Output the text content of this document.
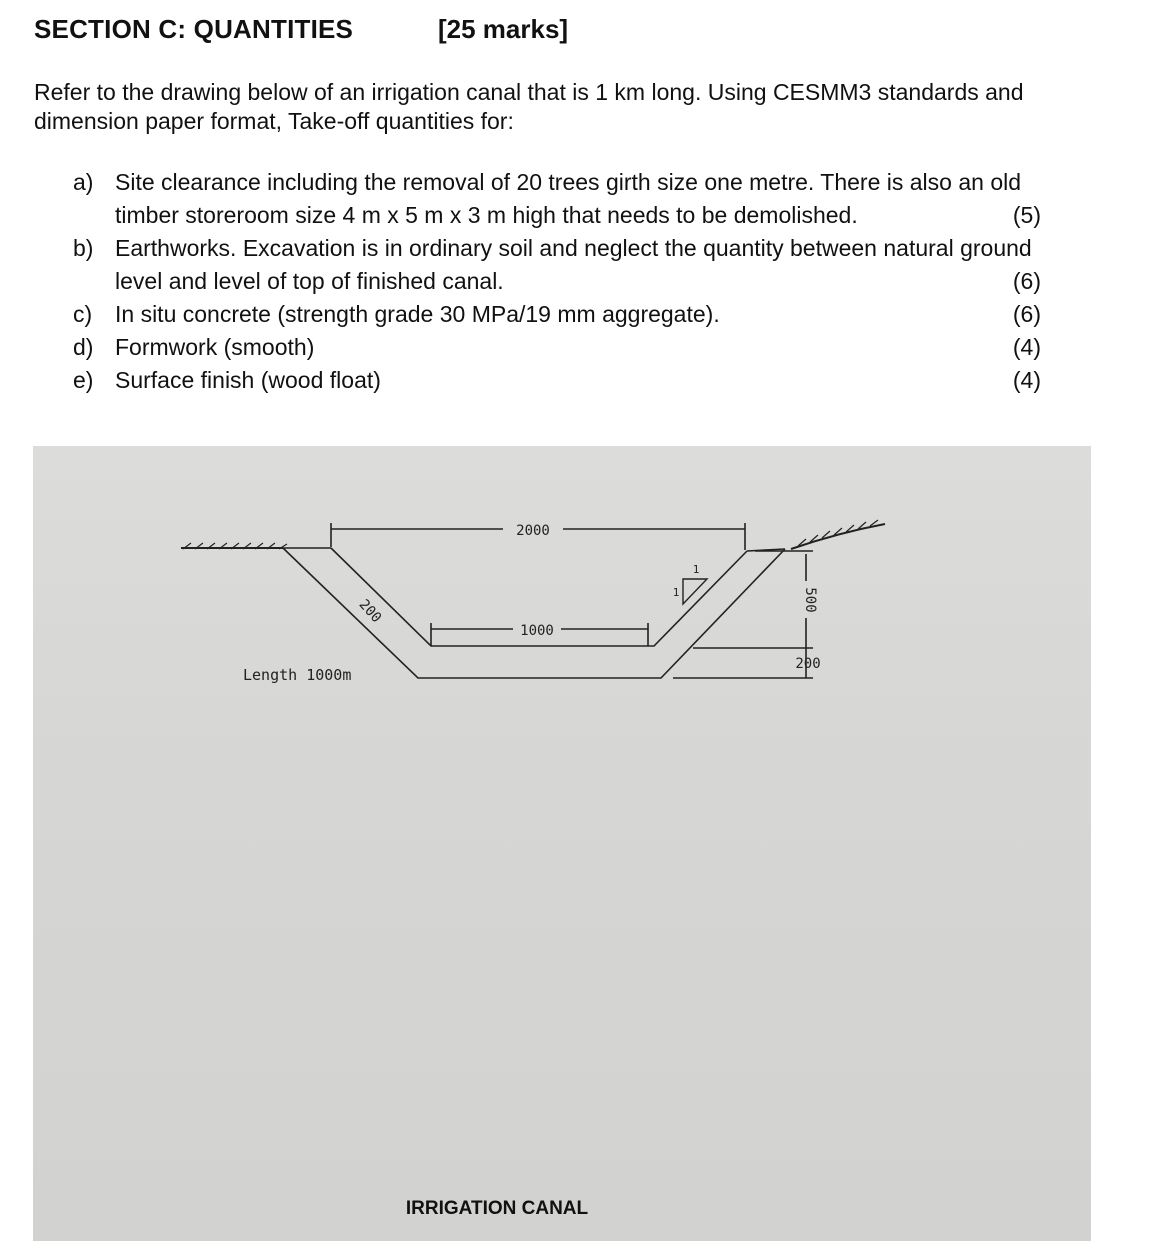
SECTION C: QUANTITIES	[25 marks]
Refer to the drawing below of an irrigation canal that is 1 km long. Using CESMM3 standards and dimension paper format, Take-off quantities for:
a) Site clearance including the removal of 20 trees girth size one metre. There is also an old
timber storeroom size 4 m x 5 m x 3 m high that needs to be demolished.	(5)
b) Earthworks. Excavation is in ordinary soil and neglect the quantity between natural ground
level and level of top of finished canal.	(6)
c) In situ concrete (strength grade 30 MPa/19 mm aggregate).	(6)
d) Formwork (smooth)	(4)
e) Surface finish (wood float)	(4)
2000
1000
500
200
200
1
1
Length 1000m
IRRIGATION CANAL
